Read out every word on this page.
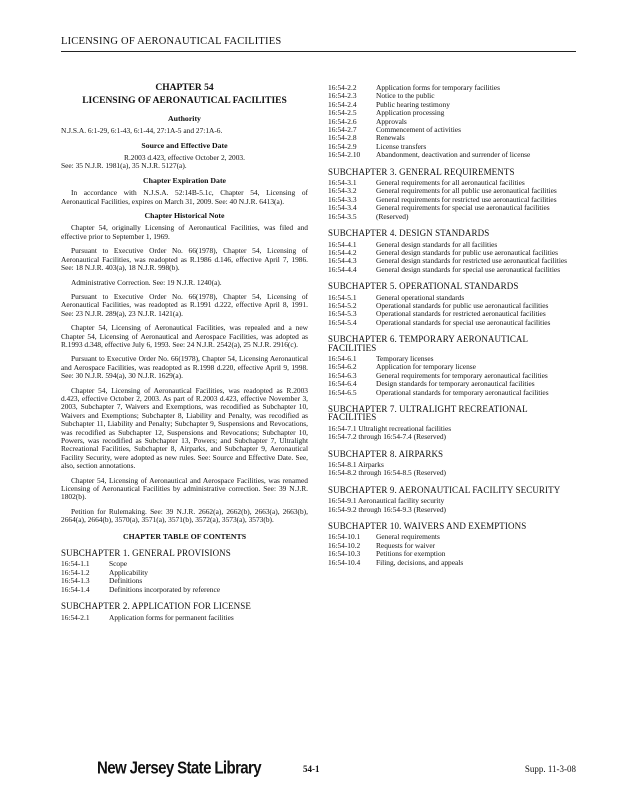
LICENSING OF AERONAUTICAL FACILITIES
CHAPTER 54
LICENSING OF AERONAUTICAL FACILITIES
Authority
N.J.S.A. 6:1-29, 6:1-43, 6:1-44, 27:1A-5 and 27:1A-6.
Source and Effective Date
R.2003 d.423, effective October 2, 2003.
See: 35 N.J.R. 1981(a), 35 N.J.R. 5127(a).
Chapter Expiration Date
In accordance with N.J.S.A. 52:14B-5.1c, Chapter 54, Licensing of Aeronautical Facilities, expires on March 31, 2009. See: 40 N.J.R. 6413(a).
Chapter Historical Note
Chapter 54, originally Licensing of Aeronautical Facilities, was filed and effective prior to September 1, 1969.
Pursuant to Executive Order No. 66(1978), Chapter 54, Licensing of Aeronautical Facilities, was readopted as R.1986 d.146, effective April 7, 1986. See: 18 N.J.R. 403(a), 18 N.J.R. 998(b).
Administrative Correction. See: 19 N.J.R. 1240(a).
Pursuant to Executive Order No. 66(1978), Chapter 54, Licensing of Aeronautical Facilities, was readopted as R.1991 d.222, effective April 8, 1991. See: 23 N.J.R. 289(a), 23 N.J.R. 1421(a).
Chapter 54, Licensing of Aeronautical Facilities, was repealed and a new Chapter 54, Licensing of Aeronautical and Aerospace Facilities, was adopted as R.1993 d.348, effective July 6, 1993. See: 24 N.J.R. 2542(a), 25 N.J.R. 2916(c).
Pursuant to Executive Order No. 66(1978), Chapter 54, Licensing Aeronautical and Aerospace Facilities, was readopted as R.1998 d.220, effective April 9, 1998. See: 30 N.J.R. 594(a), 30 N.J.R. 1629(a).
Chapter 54, Licensing of Aeronautical Facilities, was readopted as R.2003 d.423, effective October 2, 2003. As part of R.2003 d.423, effective November 3, 2003, Subchapter 7, Waivers and Exemptions, was recodified as Subchapter 10, Waivers and Exemptions; Subchapter 8, Liability and Penalty, was recodified as Subchapter 11, Liability and Penalty; Subchapter 9, Suspensions and Revocations, was recodified as Subchapter 12, Suspensions and Revocations; Subchapter 10, Powers, was recodified as Subchapter 13, Powers; and Subchapter 7, Ultralight Recreational Facilities, Subchapter 8, Airparks, and Subchapter 9, Aeronautical Facility Security, were adopted as new rules. See: Source and Effective Date. See, also, section annotations.
Chapter 54, Licensing of Aeronautical and Aerospace Facilities, was renamed Licensing of Aeronautical Facilities by administrative correction. See: 39 N.J.R. 1802(b).
Petition for Rulemaking. See: 39 N.J.R. 2662(a), 2662(b), 2663(a), 2663(b), 2664(a), 2664(b), 3570(a), 3571(a), 3571(b), 3572(a), 3573(a), 3573(b).
CHAPTER TABLE OF CONTENTS
SUBCHAPTER 1. GENERAL PROVISIONS
16:54-1.1	Scope
16:54-1.2	Applicability
16:54-1.3	Definitions
16:54-1.4	Definitions incorporated by reference
SUBCHAPTER 2. APPLICATION FOR LICENSE
16:54-2.1	Application forms for permanent facilities
16:54-2.2	Application forms for temporary facilities
16:54-2.3	Notice to the public
16:54-2.4	Public hearing testimony
16:54-2.5	Application processing
16:54-2.6	Approvals
16:54-2.7	Commencement of activities
16:54-2.8	Renewals
16:54-2.9	License transfers
16:54-2.10	Abandonment, deactivation and surrender of license
SUBCHAPTER 3. GENERAL REQUIREMENTS
16:54-3.1	General requirements for all aeronautical facilities
16:54-3.2	General requirements for all public use aeronautical facilities
16:54-3.3	General requirements for restricted use aeronautical facilities
16:54-3.4	General requirements for special use aeronautical facilities
16:54-3.5	(Reserved)
SUBCHAPTER 4. DESIGN STANDARDS
16:54-4.1	General design standards for all facilities
16:54-4.2	General design standards for public use aeronautical facilities
16:54-4.3	General design standards for restricted use aeronautical facilities
16:54-4.4	General design standards for special use aeronautical facilities
SUBCHAPTER 5. OPERATIONAL STANDARDS
16:54-5.1	General operational standards
16:54-5.2	Operational standards for public use aeronautical facilities
16:54-5.3	Operational standards for restricted aeronautical facilities
16:54-5.4	Operational standards for special use aeronautical facilities
SUBCHAPTER 6. TEMPORARY AERONAUTICAL FACILITIES
16:54-6.1	Temporary licenses
16:54-6.2	Application for temporary license
16:54-6.3	General requirements for temporary aeronautical facilities
16:54-6.4	Design standards for temporary aeronautical facilities
16:54-6.5	Operational standards for temporary aeronautical facilities
SUBCHAPTER 7. ULTRALIGHT RECREATIONAL FACILITIES
16:54-7.1 Ultralight recreational facilities
16:54-7.2 through 16:54-7.4 (Reserved)
SUBCHAPTER 8. AIRPARKS
16:54-8.1 Airparks
16:54-8.2 through 16:54-8.5 (Reserved)
SUBCHAPTER 9. AERONAUTICAL FACILITY SECURITY
16:54-9.1 Aeronautical facility security
16:54-9.2 through 16:54-9.3 (Reserved)
SUBCHAPTER 10. WAIVERS AND EXEMPTIONS
16:54-10.1	General requirements
16:54-10.2	Requests for waiver
16:54-10.3	Petitions for exemption
16:54-10.4	Filing, decisions, and appeals
New Jersey State Library	54-1	Supp. 11-3-08
